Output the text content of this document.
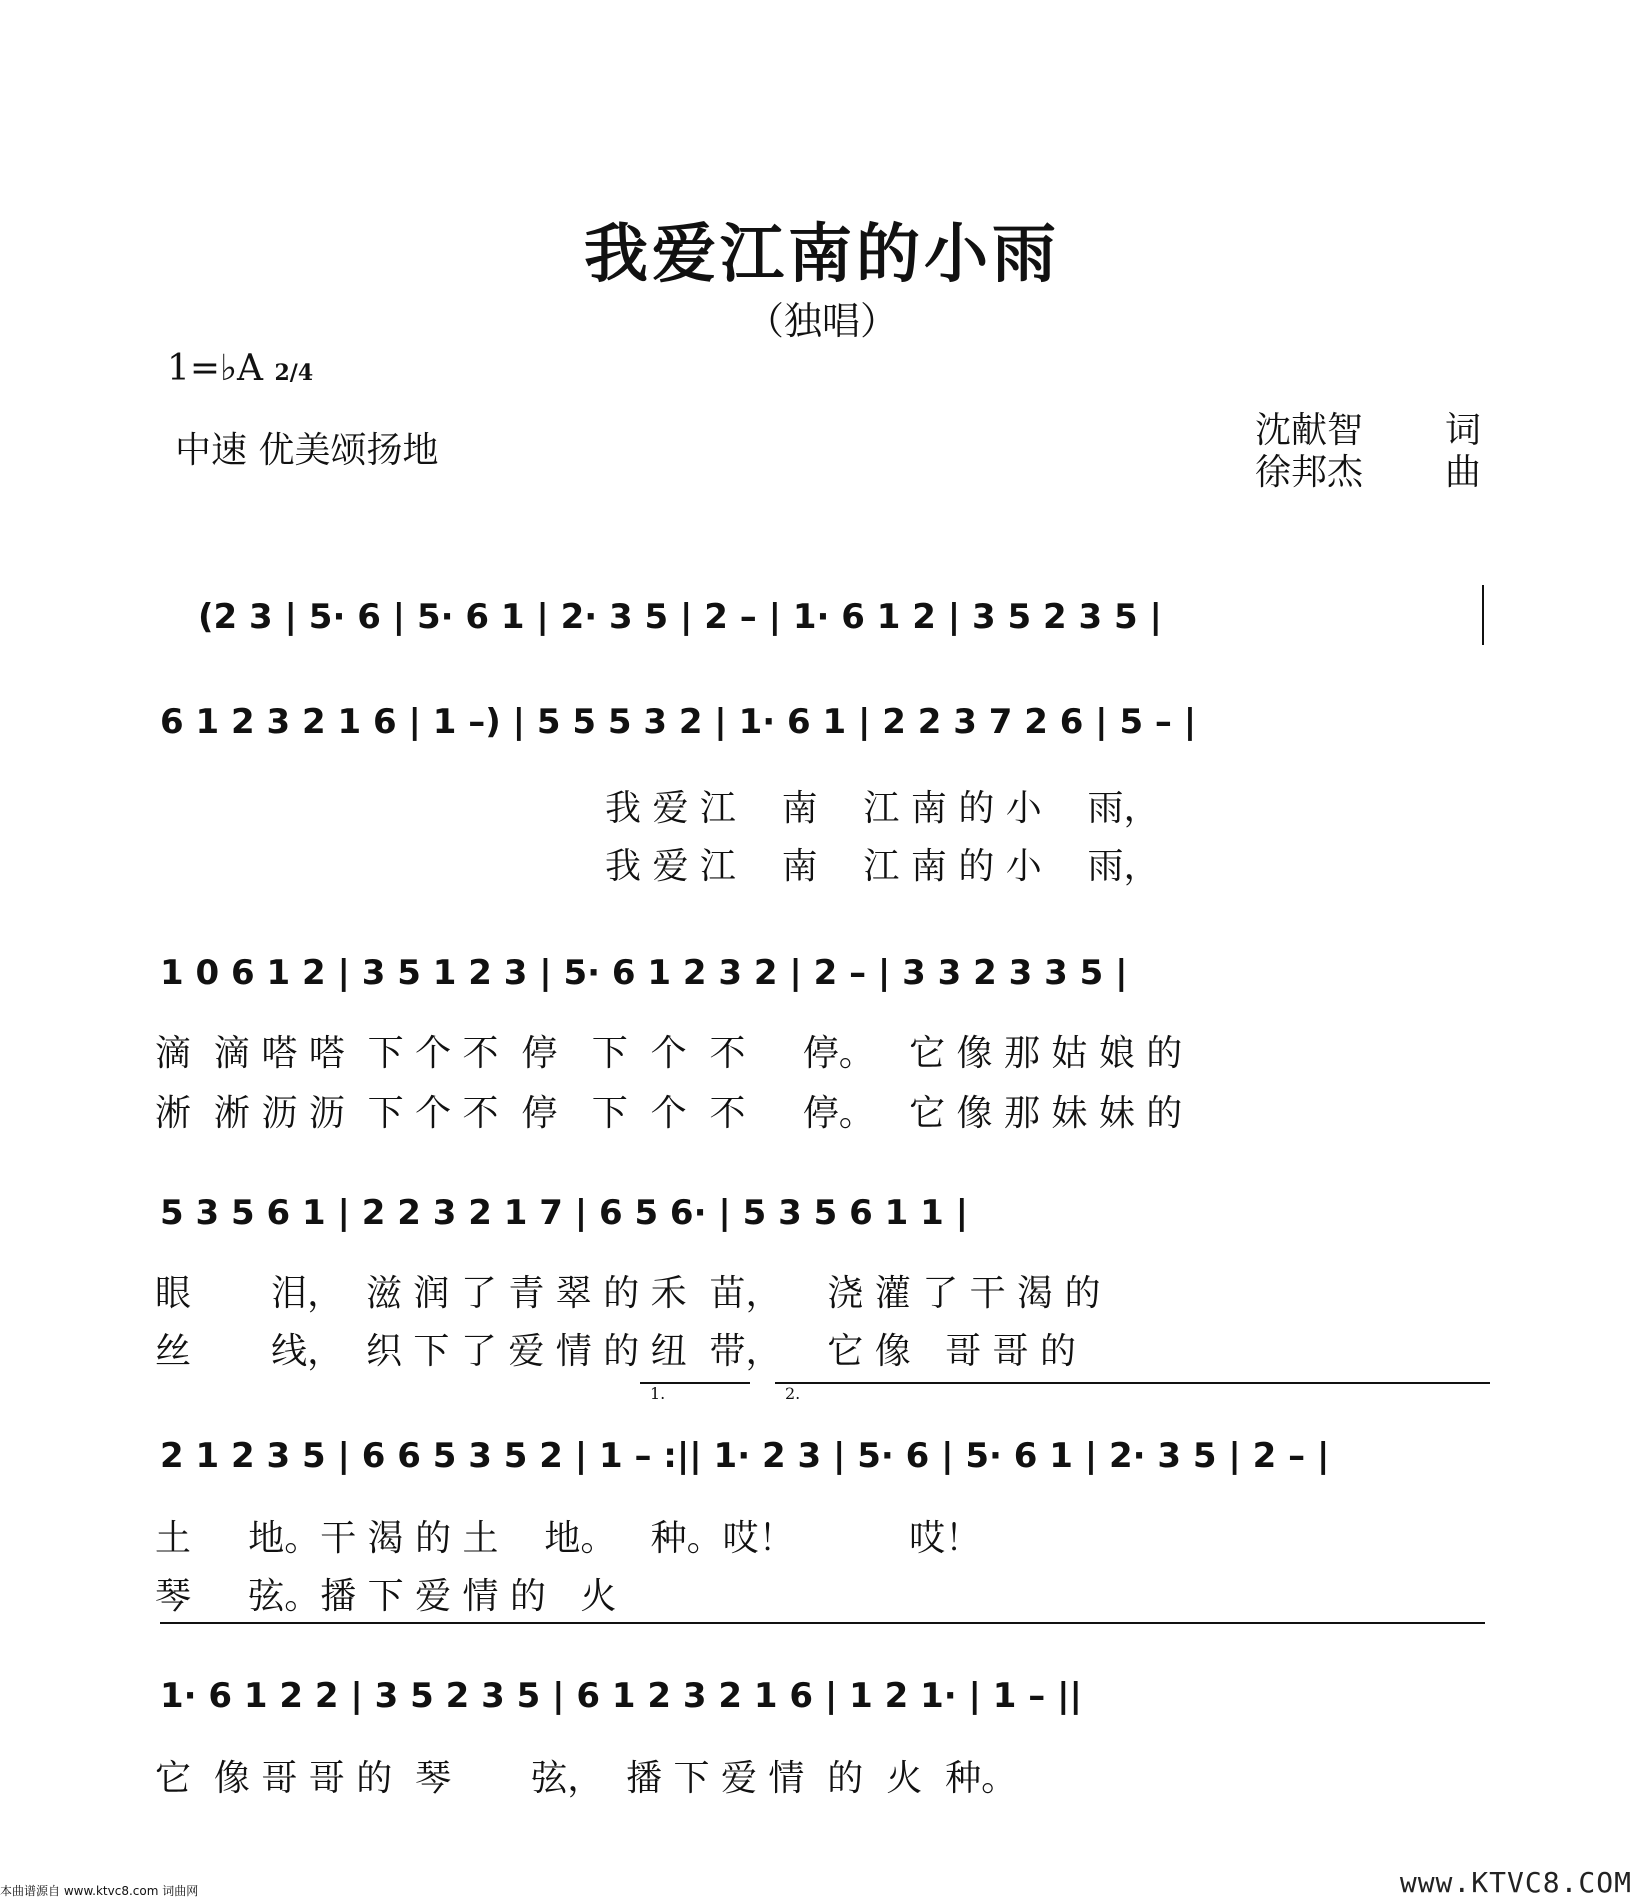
我爱江南的小雨
（独唱）
1=♭A 2/4
中速 优美颂扬地	沈献智	词
徐邦杰	曲
(2 3 | 5· 6 | 5· 6 1 | 2· 3 5 | 2 – | 1· 6 1 2 | 3 5 2 3 5 |
6 1 2 3 2 1 6 | 1 –) | 5 5 5 3 2 | 1· 6 1 | 2 2 3 7 2 6 | 5 – |
我 爱 江    南    江 南 的 小    雨，
我 爱 江    南    江 南 的 小    雨，
1 0 6 1 2 | 3 5 1 2 3 | 5· 6 1 2 3 2 | 2 – | 3 3 2 3 3 5 |
滴  滴 嗒 嗒  下 个 不  停   下  个  不     停。   它 像 那 姑 娘 的
淅  淅 沥 沥  下 个 不  停   下  个  不     停。   它 像 那 妹 妹 的
5 3 5 6 1 | 2 2 3 2 1 7 | 6 5 6· | 5 3 5 6 1 1 |
眼       泪，  滋 润 了 青 翠 的 禾  苗，    浇 灌 了 干 渴 的
丝       线，  织 下 了 爱 情 的 纽  带，    它 像   哥 哥 的
1.	2.
2 1 2 3 5 | 6 6 5 3 5 2 | 1 – :|| 1· 2 3 | 5· 6 | 5· 6 1 | 2· 3 5 | 2 – |
土     地。干 渴 的 土    地。   种。哎！          哎！
琴     弦。播 下 爱 情 的   火
1· 6 1 2 2 | 3 5 2 3 5 | 6 1 2 3 2 1 6 | 1 2 1· | 1 – ||
它  像 哥 哥 的  琴       弦，  播 下 爱 情  的  火  种。
本曲谱源自 www.ktvc8.com 词曲网	www.KTVC8.COM
